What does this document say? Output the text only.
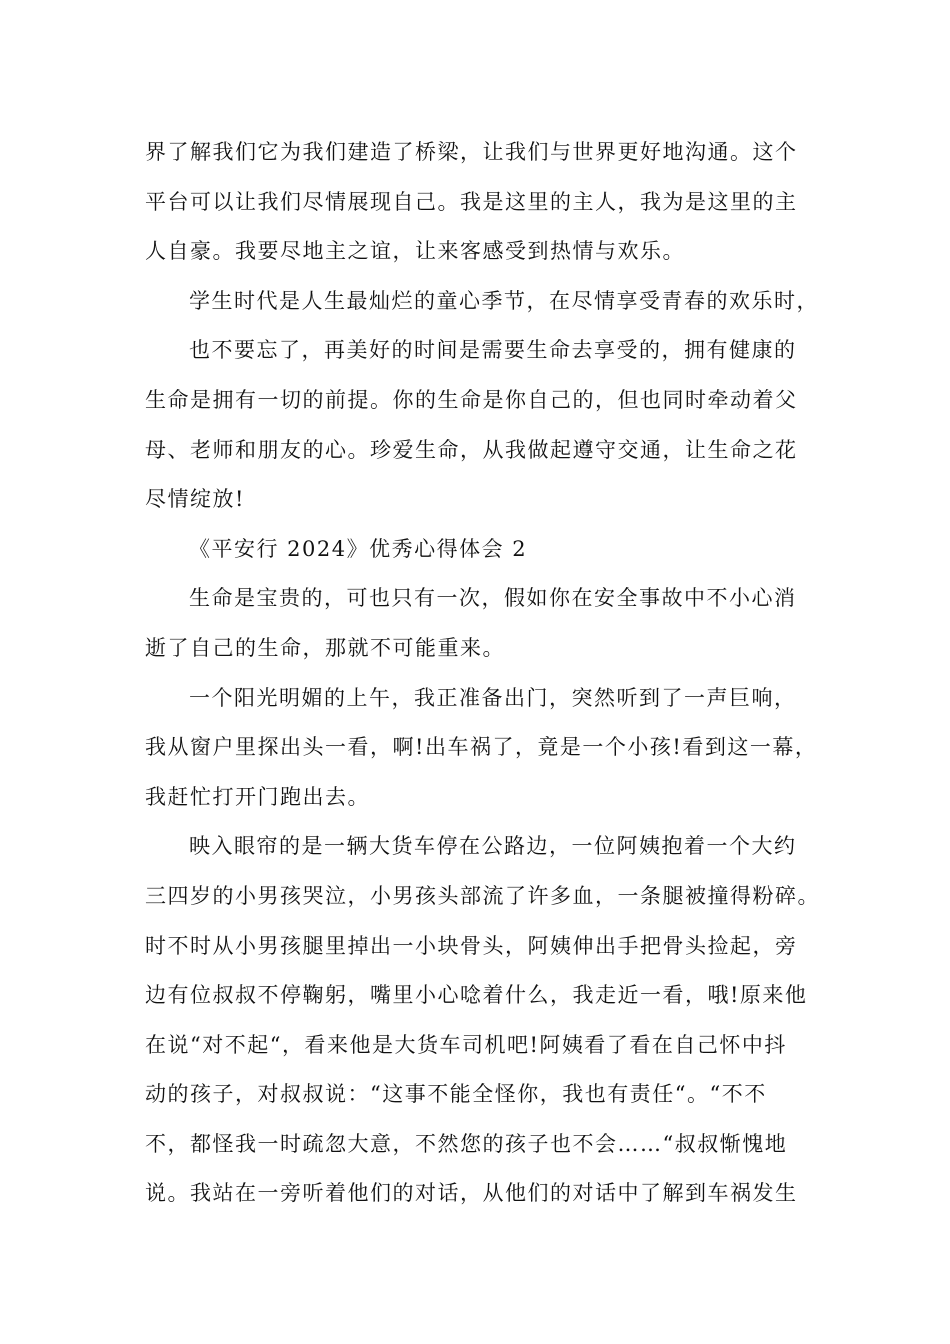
界了解我们它为我们建造了桥梁，让我们与世界更好地沟通。这个
平台可以让我们尽情展现自己。我是这里的主人，我为是这里的主
人自豪。我要尽地主之谊，让来客感受到热情与欢乐。
学生时代是人生最灿烂的童心季节，在尽情享受青春的欢乐时，
也不要忘了，再美好的时间是需要生命去享受的，拥有健康的
生命是拥有一切的前提。你的生命是你自己的，但也同时牵动着父
母、老师和朋友的心。珍爱生命，从我做起遵守交通，让生命之花
尽情绽放!
《平安行 2024》优秀心得体会 2
生命是宝贵的，可也只有一次，假如你在安全事故中不小心消
逝了自己的生命，那就不可能重来。
一个阳光明媚的上午，我正准备出门，突然听到了一声巨响，
我从窗户里探出头一看，啊!出车祸了，竟是一个小孩!看到这一幕，
我赶忙打开门跑出去。
映入眼帘的是一辆大货车停在公路边，一位阿姨抱着一个大约
三四岁的小男孩哭泣，小男孩头部流了许多血，一条腿被撞得粉碎。
时不时从小男孩腿里掉出一小块骨头，阿姨伸出手把骨头捡起，旁
边有位叔叔不停鞠躬，嘴里小心唸着什么，我走近一看，哦!原来他
在说“对不起“，看来他是大货车司机吧!阿姨看了看在自己怀中抖
动的孩子，对叔叔说：“这事不能全怪你，我也有责任“。“不不
不，都怪我一时疏忽大意，不然您的孩子也不会……“叔叔惭愧地
说。我站在一旁听着他们的对话，从他们的对话中了解到车祸发生
